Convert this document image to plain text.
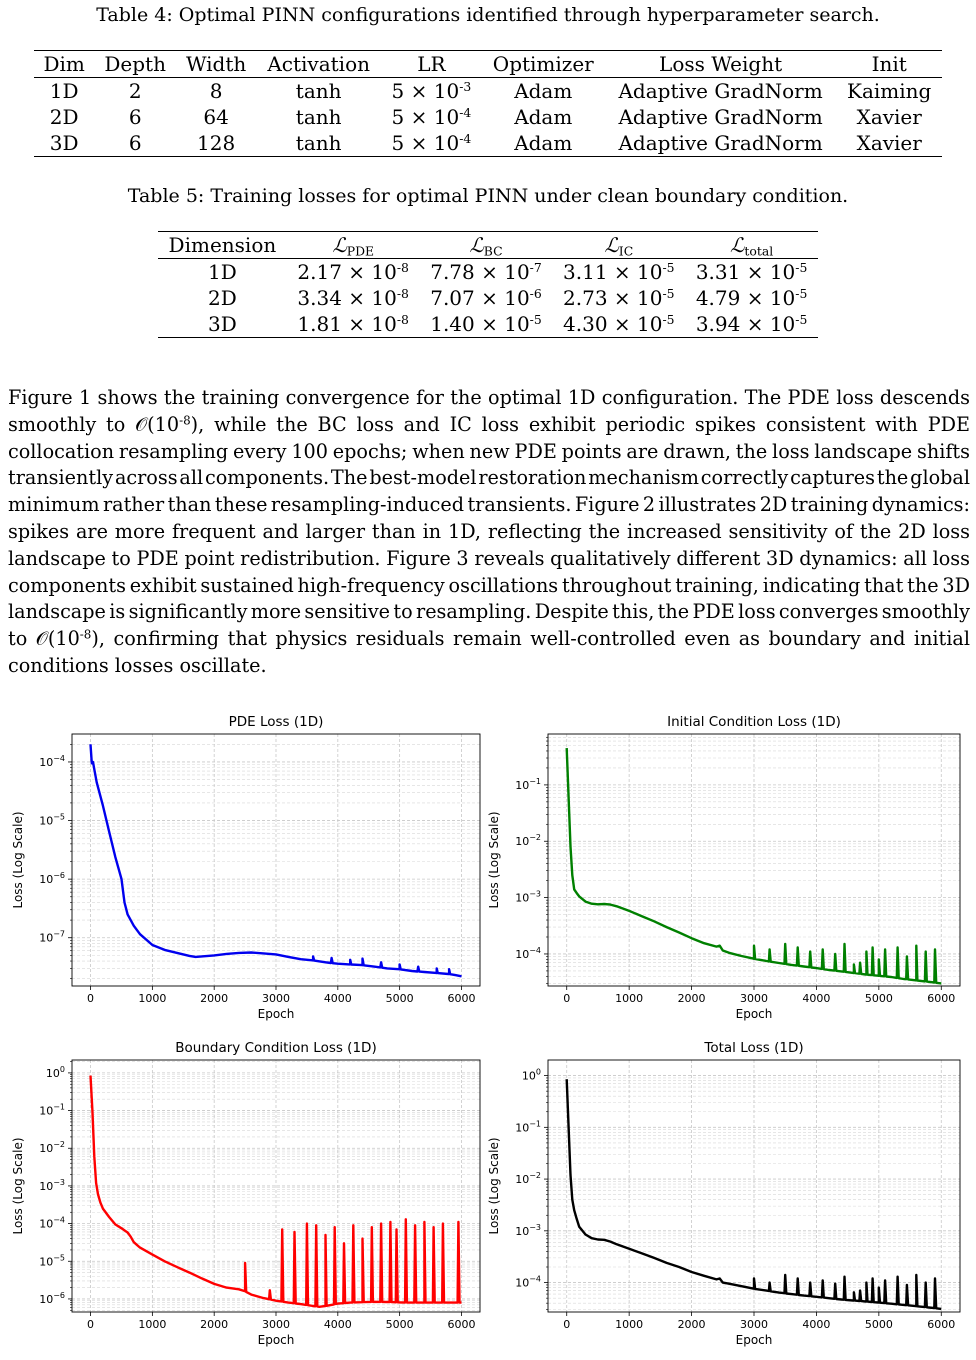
Table 4: Optimal PINN configurations identified through hyperparameter search.
Dim	Depth	Width	Activation	LR	Optimizer	Loss Weight	Init
1D	2	8	tanh	$5 \times 10^{-3}$	Adam	Adaptive GradNorm	Kaiming
2D	6	64	tanh	$5 \times 10^{-4}$	Adam	Adaptive GradNorm	Xavier
3D	6	128	tanh	$5 \times 10^{-4}$	Adam	Adaptive GradNorm	Xavier
Table 5: Training losses for optimal PINN under clean boundary condition.
Dimension	ℒ$_{PDE}$	ℒ$_{BC}$	ℒ$_{IC}$	ℒ$_{total}$
1D	$2.17 \times 10^{-8}$	$7.78 \times 10^{-7}$	$3.11 \times 10^{-5}$	$3.31 \times 10^{-5}$
2D	$3.34 \times 10^{-8}$	$7.07 \times 10^{-6}$	$2.73 \times 10^{-5}$	$4.79 \times 10^{-5}$
3D	$1.81 \times 10^{-8}$	$1.40 \times 10^{-5}$	$4.30 \times 10^{-5}$	$3.94 \times 10^{-5}$
Figure 1 shows the training convergence for the optimal 1D configuration. The PDE loss descends
smoothly to $𝒪(10^{-8})$, while the BC loss and IC loss exhibit periodic spikes consistent with PDE
collocation resampling every 100 epochs; when new PDE points are drawn, the loss landscape shifts
transiently across all components. The best-model restoration mechanism correctly captures the global
minimum rather than these resampling-induced transients. Figure 2 illustrates 2D training dynamics:
spikes are more frequent and larger than in 1D, reflecting the increased sensitivity of the 2D loss
landscape to PDE point redistribution. Figure 3 reveals qualitatively different 3D dynamics: all loss
components exhibit sustained high-frequency oscillations throughout training, indicating that the 3D
landscape is significantly more sensitive to resampling. Despite this, the PDE loss converges smoothly
to $𝒪(10^{-8})$, confirming that physics residuals remain well-controlled even as boundary and initial
conditions losses oscillate.
0	1000	2000	3000	4000	5000	6000
$10^{-7}$
$10^{-6}$
$10^{-5}$
$10^{-4}$
PDE Loss (1D)
Epoch
Loss (Log Scale)
0	1000	2000	3000	4000	5000	6000
$10^{-4}$
$10^{-3}$
$10^{-2}$
$10^{-1}$
Initial Condition Loss (1D)
Epoch
Loss (Log Scale)
0	1000	2000	3000	4000	5000	6000
$10^{-6}$
$10^{-5}$
$10^{-4}$
$10^{-3}$
$10^{-2}$
$10^{-1}$
$10^0$
Boundary Condition Loss (1D)
Epoch
Loss (Log Scale)
0	1000	2000	3000	4000	5000	6000
$10^{-4}$
$10^{-3}$
$10^{-2}$
$10^{-1}$
$10^0$
Total Loss (1D)
Epoch
Loss (Log Scale)
